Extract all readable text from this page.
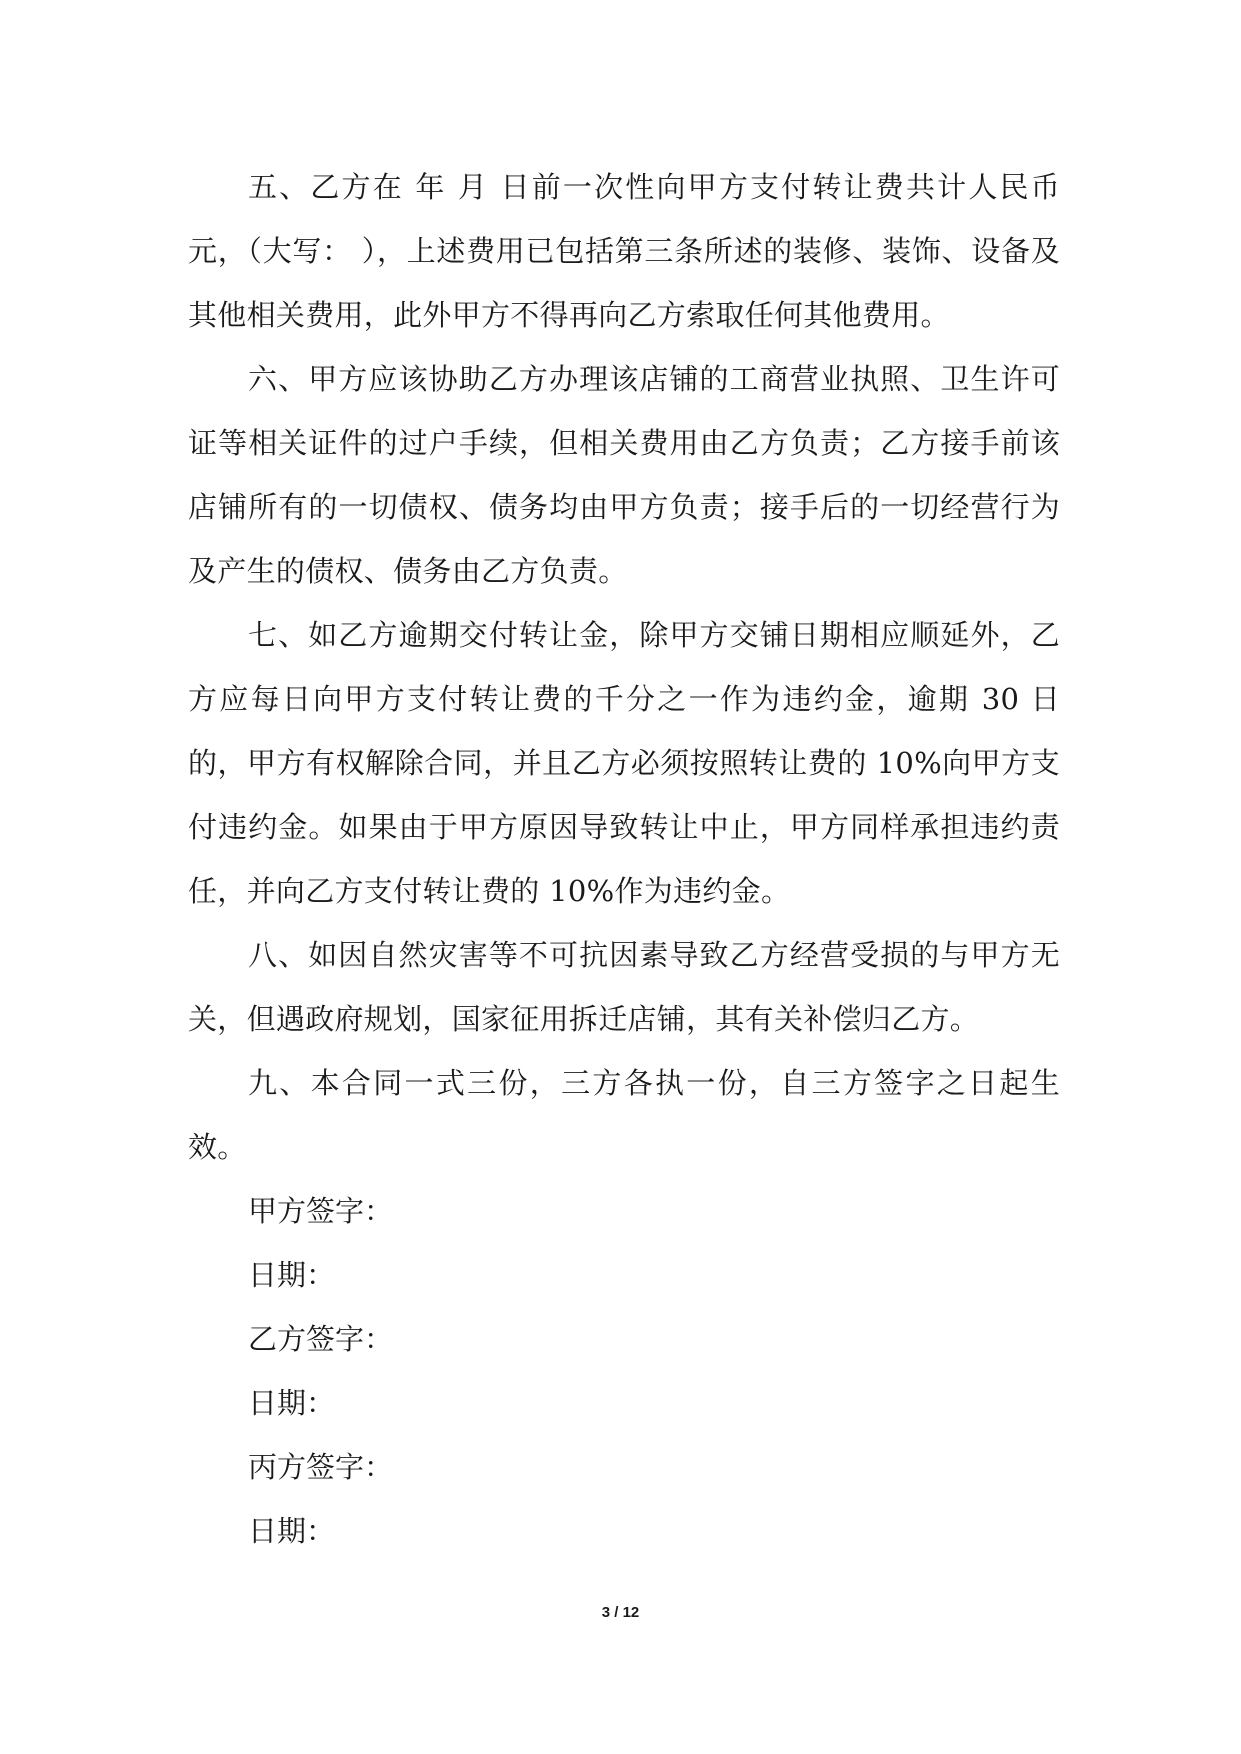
五、乙方在 年 月 日前一次性向甲方支付转让费共计人民币 元，（大写： ），上述费用已包括第三条所述的装修、装饰、设备及其他相关费用，此外甲方不得再向乙方索取任何其他费用。

六、甲方应该协助乙方办理该店铺的工商营业执照、卫生许可证等相关证件的过户手续，但相关费用由乙方负责；乙方接手前该店铺所有的一切债权、债务均由甲方负责；接手后的一切经营行为及产生的债权、债务由乙方负责。

七、如乙方逾期交付转让金，除甲方交铺日期相应顺延外，乙方应每日向甲方支付转让费的千分之一作为违约金，逾期 30 日的，甲方有权解除合同，并且乙方必须按照转让费的 10%向甲方支付违约金。如果由于甲方原因导致转让中止，甲方同样承担违约责任，并向乙方支付转让费的 10%作为违约金。

八、如因自然灾害等不可抗因素导致乙方经营受损的与甲方无关，但遇政府规划，国家征用拆迁店铺，其有关补偿归乙方。

九、本合同一式三份，三方各执一份，自三方签字之日起生效。

甲方签字：

日期：

乙方签字：

日期：

丙方签字：

日期：

3 / 12
